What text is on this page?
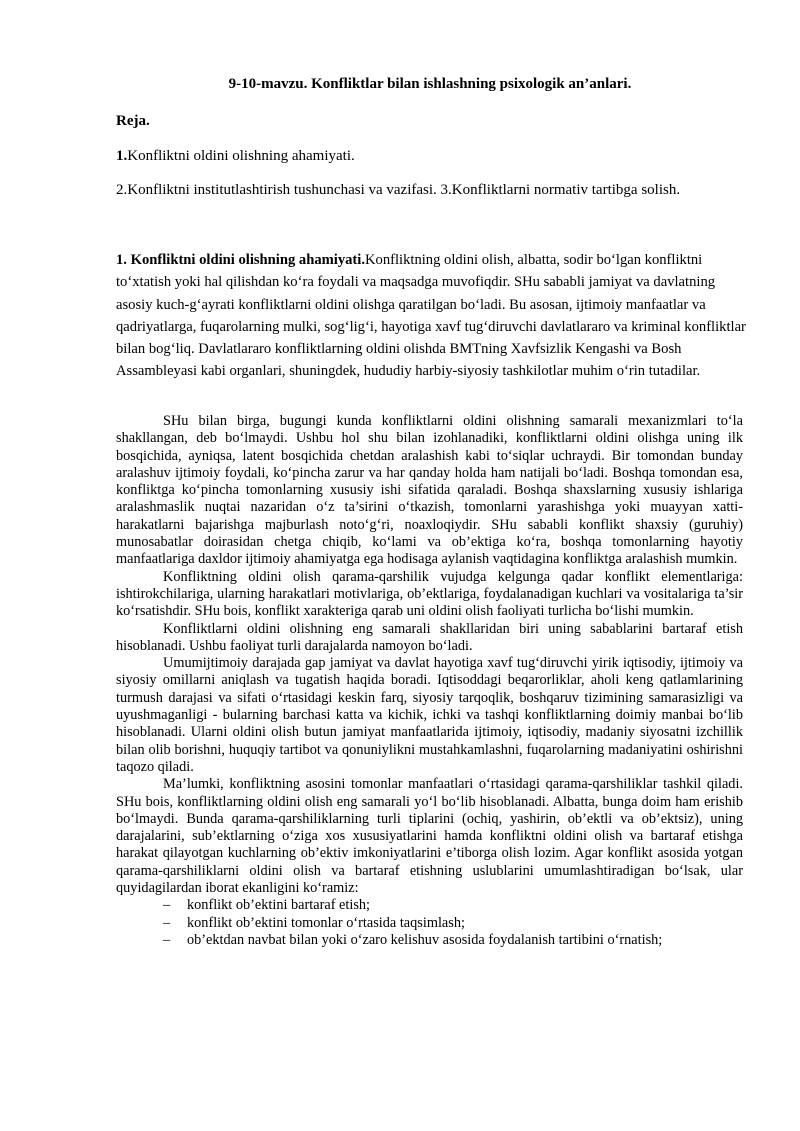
9-10-mavzu. Konfliktlar bilan ishlashning psixologik an’anlari.
Reja.
1.Konfliktni oldini olishning ahamiyati.
2.Konfliktni institutlashtirish tushunchasi va vazifasi. 3.Konfliktlarni normativ tartibga solish.
1. Konfliktni oldini olishning ahamiyati.Konfliktning oldini olish, albatta, sodir bo‘lgan konfliktni to‘xtatish yoki hal qilishdan ko‘ra foydali va maqsadga muvofiqdir. SHu sababli jamiyat va davlatning asosiy kuch-g‘ayrati konfliktlarni oldini olishga qaratilgan bo‘ladi. Bu asosan, ijtimoiy manfaatlar va qadriyatlarga, fuqarolarning mulki, sog‘lig‘i, hayotiga xavf tug‘diruvchi davlatlararo va kriminal konfliktlar bilan bog‘liq. Davlatlararo konfliktlarning oldini olishda BMTning Xavfsizlik Kengashi va Bosh Assambleyasi kabi organlari, shuningdek, hududiy harbiy-siyosiy tashkilotlar muhim o‘rin tutadilar.

SHu bilan birga, bugungi kunda konfliktlarni oldini olishning samarali mexanizmlari to‘la shakllangan, deb bo‘lmaydi. Ushbu hol shu bilan izohlanadiki, konfliktlarni oldini olishga uning ilk bosqichida, ayniqsa, latent bosqichida chetdan aralashish kabi to‘siqlar uchraydi. Bir tomondan bunday aralashuv ijtimoiy foydali, ko‘pincha zarur va har qanday holda ham natijali bo‘ladi. Boshqa tomondan esa, konfliktga ko‘pincha tomonlarning xususiy ishi sifatida qaraladi. Boshqa shaxslarning xususiy ishlariga aralashmaslik nuqtai nazaridan o‘z ta’sirini o‘tkazish, tomonlarni yarashishga yoki muayyan xatti-harakatlarni bajarishga majburlash noto‘g‘ri, noaxloqiydir. SHu sababli konflikt shaxsiy (guruhiy) munosabatlar doirasidan chetga chiqib, ko‘lami va ob’ektiga ko‘ra, boshqa tomonlarning hayotiy manfaatlariga daxldor ijtimoiy ahamiyatga ega hodisaga aylanish vaqtidagina konfliktga aralashish mumkin.

Konfliktning oldini olish qarama-qarshilik vujudga kelgunga qadar konflikt elementlariga: ishtirokchilariga, ularning harakatlari motivlariga, ob’ektlariga, foydalanadigan kuchlari va vositalariga ta’sir ko‘rsatishdir. SHu bois, konflikt xarakteriga qarab uni oldini olish faoliyati turlicha bo‘lishi mumkin.

Konfliktlarni oldini olishning eng samarali shakllaridan biri uning sabablarini bartaraf etish hisoblanadi. Ushbu faoliyat turli darajalarda namoyon bo‘ladi.

Umumijtimoiy darajada gap jamiyat va davlat hayotiga xavf tug‘diruvchi yirik iqtisodiy, ijtimoiy va siyosiy omillarni aniqlash va tugatish haqida boradi. Iqtisoddagi beqarorliklar, aholi keng qatlamlarining turmush darajasi va sifati o‘rtasidagi keskin farq, siyosiy tarqoqlik, boshqaruv tizimining samarasizligi va uyushmaganligi - bularning barchasi katta va kichik, ichki va tashqi konfliktlarning doimiy manbai bo‘lib hisoblanadi. Ularni oldini olish butun jamiyat manfaatlarida ijtimoiy, iqtisodiy, madaniy siyosatni izchillik bilan olib borishni, huquqiy tartibot va qonuniylikni mustahkamlashni, fuqarolarning madaniyatini oshirishni taqozo qiladi.

Ma’lumki, konfliktning asosini tomonlar manfaatlari o‘rtasidagi qarama-qarshiliklar tashkil qiladi. SHu bois, konfliktlarning oldini olish eng samarali yo‘l bo‘lib hisoblanadi. Albatta, bunga doim ham erishib bo‘lmaydi. Bunda qarama-qarshiliklarning turli tiplarini (ochiq, yashirin, ob’ektli va ob’ektsiz), uning darajalarini, sub’ektlarning o‘ziga xos xususiyatlarini hamda konfliktni oldini olish va bartaraf etishga harakat qilayotgan kuchlarning ob’ektiv imkoniyatlarini e’tiborga olish lozim. Agar konflikt asosida yotgan qarama-qarshiliklarni oldini olish va bartaraf etishning uslublarini umumlashtiradigan bo‘lsak, ular quyidagilardan iborat ekanligini ko‘ramiz:

– konflikt ob’ektini bartaraf etish;
– konflikt ob’ektini tomonlar o‘rtasida taqsimlash;
– ob’ektdan navbat bilan yoki o‘zaro kelishuv asosida foydalanish tartibini o‘rnatish;
